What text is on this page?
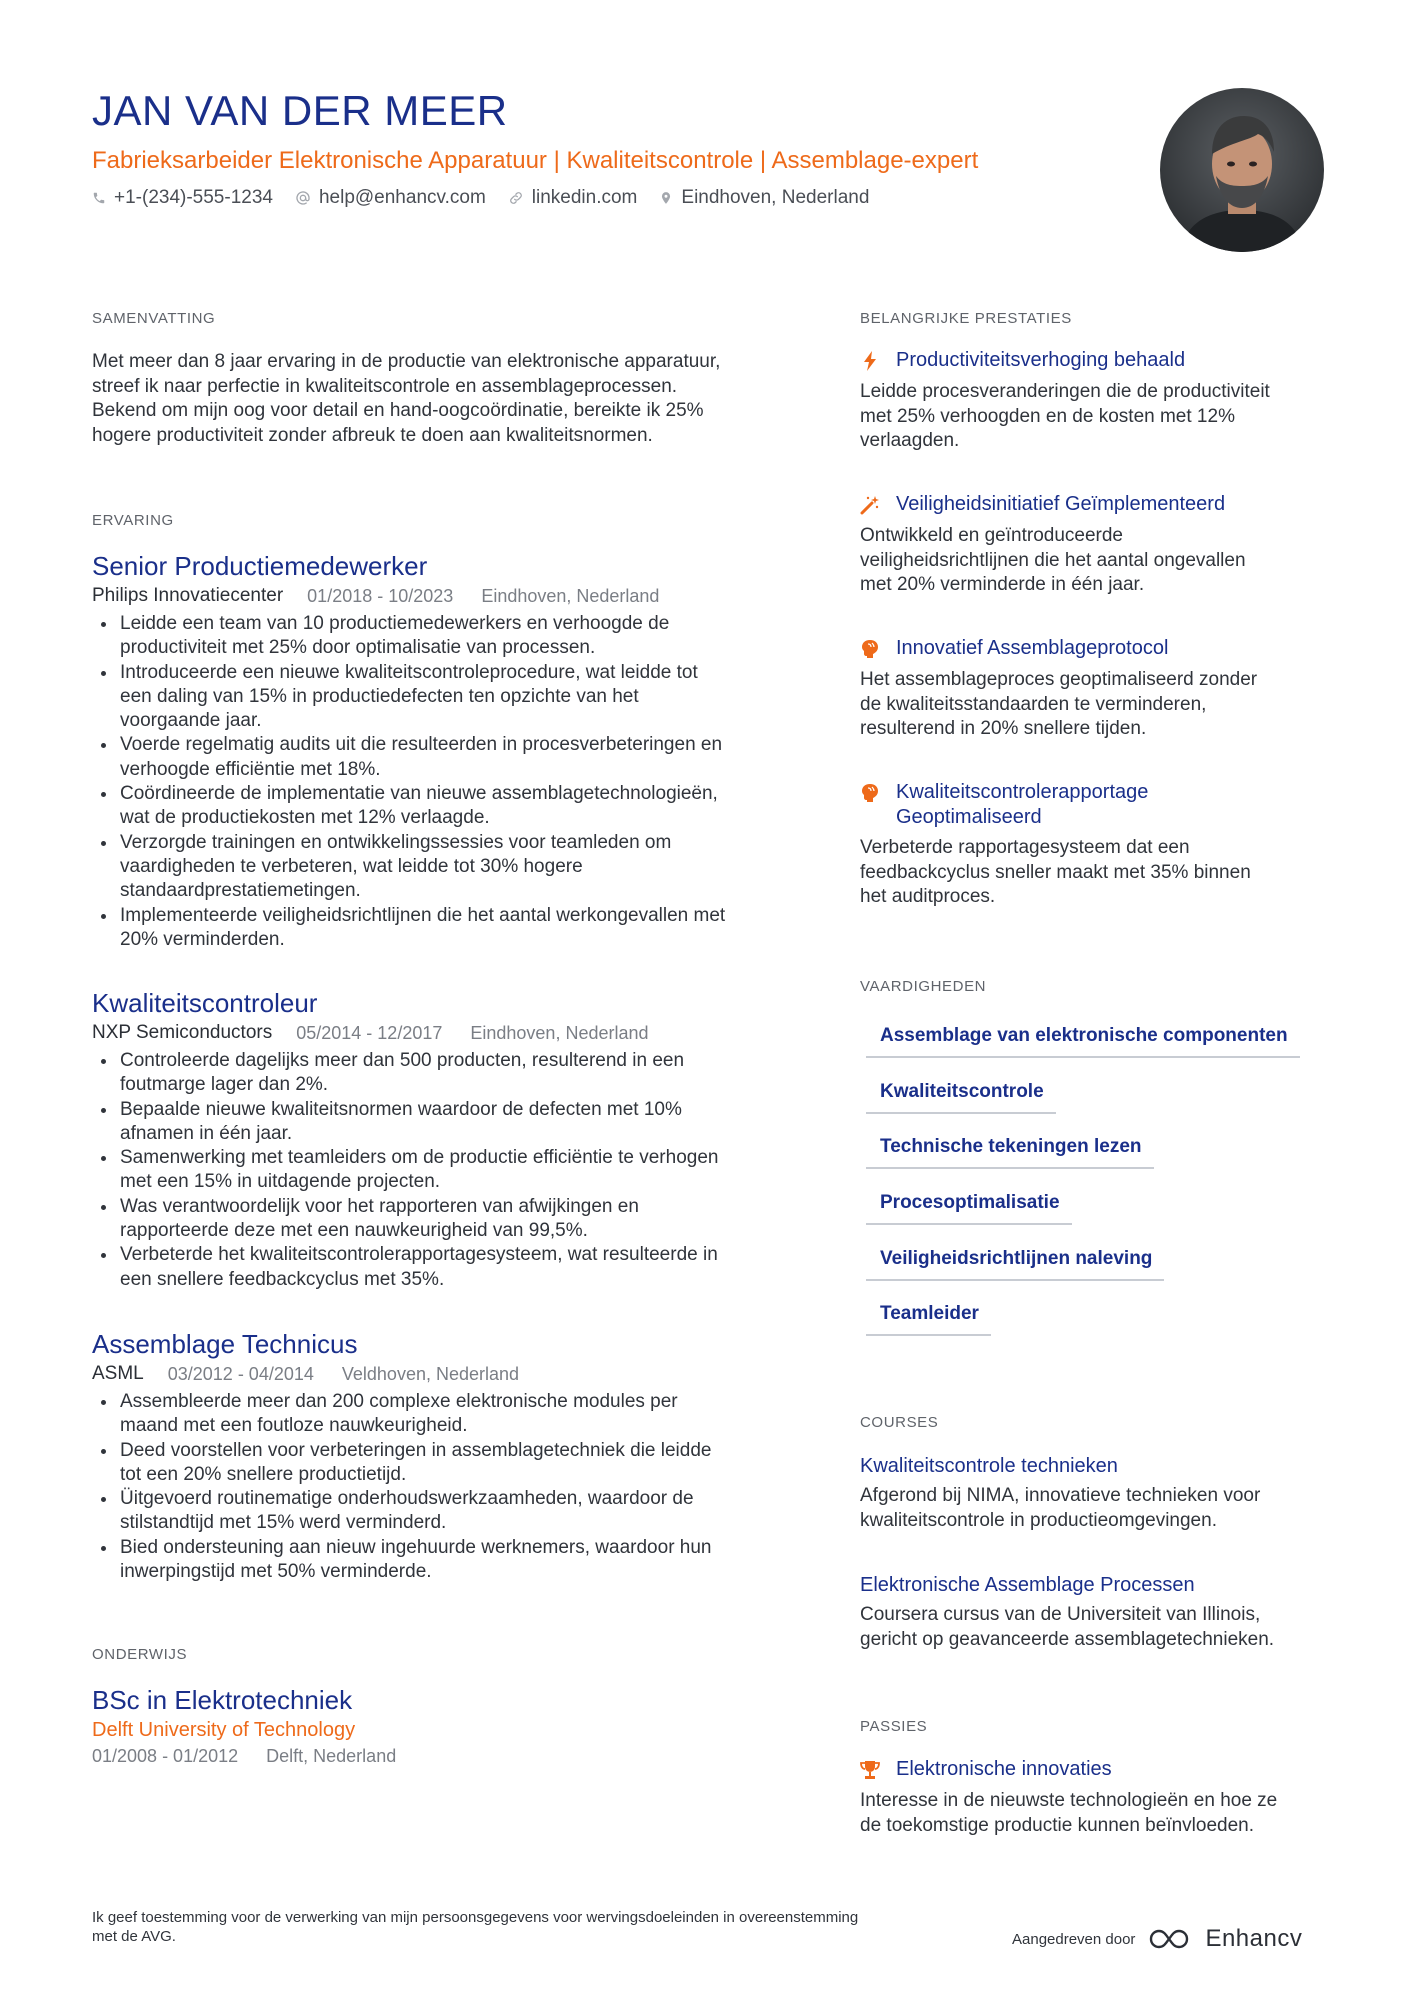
JAN VAN DER MEER
Fabrieksarbeider Elektronische Apparatuur | Kwaliteitscontrole | Assemblage-expert
+1-(234)-555-1234 help@enhancv.com linkedin.com Eindhoven, Nederland
SAMENVATTING
Met meer dan 8 jaar ervaring in de productie van elektronische apparatuur,
streef ik naar perfectie in kwaliteitscontrole en assemblageprocessen.
Bekend om mijn oog voor detail en hand-oogcoördinatie, bereikte ik 25%
hogere productiviteit zonder afbreuk te doen aan kwaliteitsnormen.
ERVARING
Senior Productiemedewerker
Philips Innovatiecenter 01/2018 - 10/2023 Eindhoven, Nederland
Leidde een team van 10 productiemedewerkers en verhoogde de
productiviteit met 25% door optimalisatie van processen.
Introduceerde een nieuwe kwaliteitscontroleprocedure, wat leidde tot
een daling van 15% in productiedefecten ten opzichte van het
voorgaande jaar.
Voerde regelmatig audits uit die resulteerden in procesverbeteringen en
verhoogde efficiëntie met 18%.
Coördineerde de implementatie van nieuwe assemblagetechnologieën,
wat de productiekosten met 12% verlaagde.
Verzorgde trainingen en ontwikkelingssessies voor teamleden om
vaardigheden te verbeteren, wat leidde tot 30% hogere
standaardprestatiemetingen.
Implementeerde veiligheidsrichtlijnen die het aantal werkongevallen met
20% verminderden.
Kwaliteitscontroleur
NXP Semiconductors 05/2014 - 12/2017 Eindhoven, Nederland
Controleerde dagelijks meer dan 500 producten, resulterend in een
foutmarge lager dan 2%.
Bepaalde nieuwe kwaliteitsnormen waardoor de defecten met 10%
afnamen in één jaar.
Samenwerking met teamleiders om de productie efficiëntie te verhogen
met een 15% in uitdagende projecten.
Was verantwoordelijk voor het rapporteren van afwijkingen en
rapporteerde deze met een nauwkeurigheid van 99,5%.
Verbeterde het kwaliteitscontrolerapportagesysteem, wat resulteerde in
een snellere feedbackcyclus met 35%.
Assemblage Technicus
ASML 03/2012 - 04/2014 Veldhoven, Nederland
Assembleerde meer dan 200 complexe elektronische modules per
maand met een foutloze nauwkeurigheid.
Deed voorstellen voor verbeteringen in assemblagetechniek die leidde
tot een 20% snellere productietijd.
Üitgevoerd routinematige onderhoudswerkzaamheden, waardoor de
stilstandtijd met 15% werd verminderd.
Bied ondersteuning aan nieuw ingehuurde werknemers, waardoor hun
inwerpingstijd met 50% verminderde.
ONDERWIJS
BSc in Elektrotechniek
Delft University of Technology
01/2008 - 01/2012 Delft, Nederland
BELANGRIJKE PRESTATIES
Productiviteitsverhoging behaald
Leidde procesveranderingen die de productiviteit
met 25% verhoogden en de kosten met 12%
verlaagden.
Veiligheidsinitiatief Geïmplementeerd
Ontwikkeld en geïntroduceerde
veiligheidsrichtlijnen die het aantal ongevallen
met 20% verminderde in één jaar.
Innovatief Assemblageprotocol
Het assemblageproces geoptimaliseerd zonder
de kwaliteitsstandaarden te verminderen,
resulterend in 20% snellere tijden.
Kwaliteitscontrolerapportage
Geoptimaliseerd
Verbeterde rapportagesysteem dat een
feedbackcyclus sneller maakt met 35% binnen
het auditproces.
VAARDIGHEDEN
Assemblage van elektronische componenten
Kwaliteitscontrole
Technische tekeningen lezen
Procesoptimalisatie
Veiligheidsrichtlijnen naleving
Teamleider
COURSES
Kwaliteitscontrole technieken
Afgerond bij NIMA, innovatieve technieken voor
kwaliteitscontrole in productieomgevingen.
Elektronische Assemblage Processen
Coursera cursus van de Universiteit van Illinois,
gericht op geavanceerde assemblagetechnieken.
PASSIES
Elektronische innovaties
Interesse in de nieuwste technologieën en hoe ze
de toekomstige productie kunnen beïnvloeden.
Ik geef toestemming voor de verwerking van mijn persoonsgegevens voor wervingsdoeleinden in overeenstemming
met de AVG.	Aangedreven door	Enhancv
